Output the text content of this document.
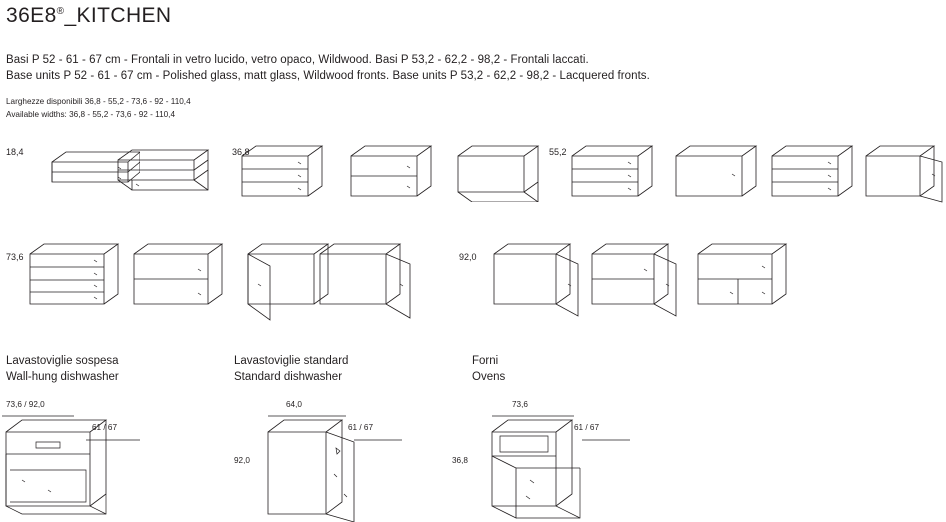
36E8®_KITCHEN
Basi P 52 - 61 - 67 cm - Frontali in vetro lucido, vetro opaco, Wildwood. Basi P 53,2 - 62,2 - 98,2 - Frontali laccati.
Base units P 52 - 61 - 67 cm - Polished glass, matt glass, Wildwood fronts. Base units P 53,2 - 62,2 - 98,2 - Lacquered fronts.
Larghezze disponibili 36,8 - 55,2 - 73,6 - 92 - 110,4
Available widths: 36,8 - 55,2 - 73,6 - 92 - 110,4
18,4	36,8	55,2
73,6	92,0
Lavastoviglie sospesa
Wall-hung dishwasher
Lavastoviglie standard
Standard dishwasher
Forni
Ovens
73,6 / 92,0
61 / 67
64,0
61 / 67
92,0
73,6
61 / 67
36,8
